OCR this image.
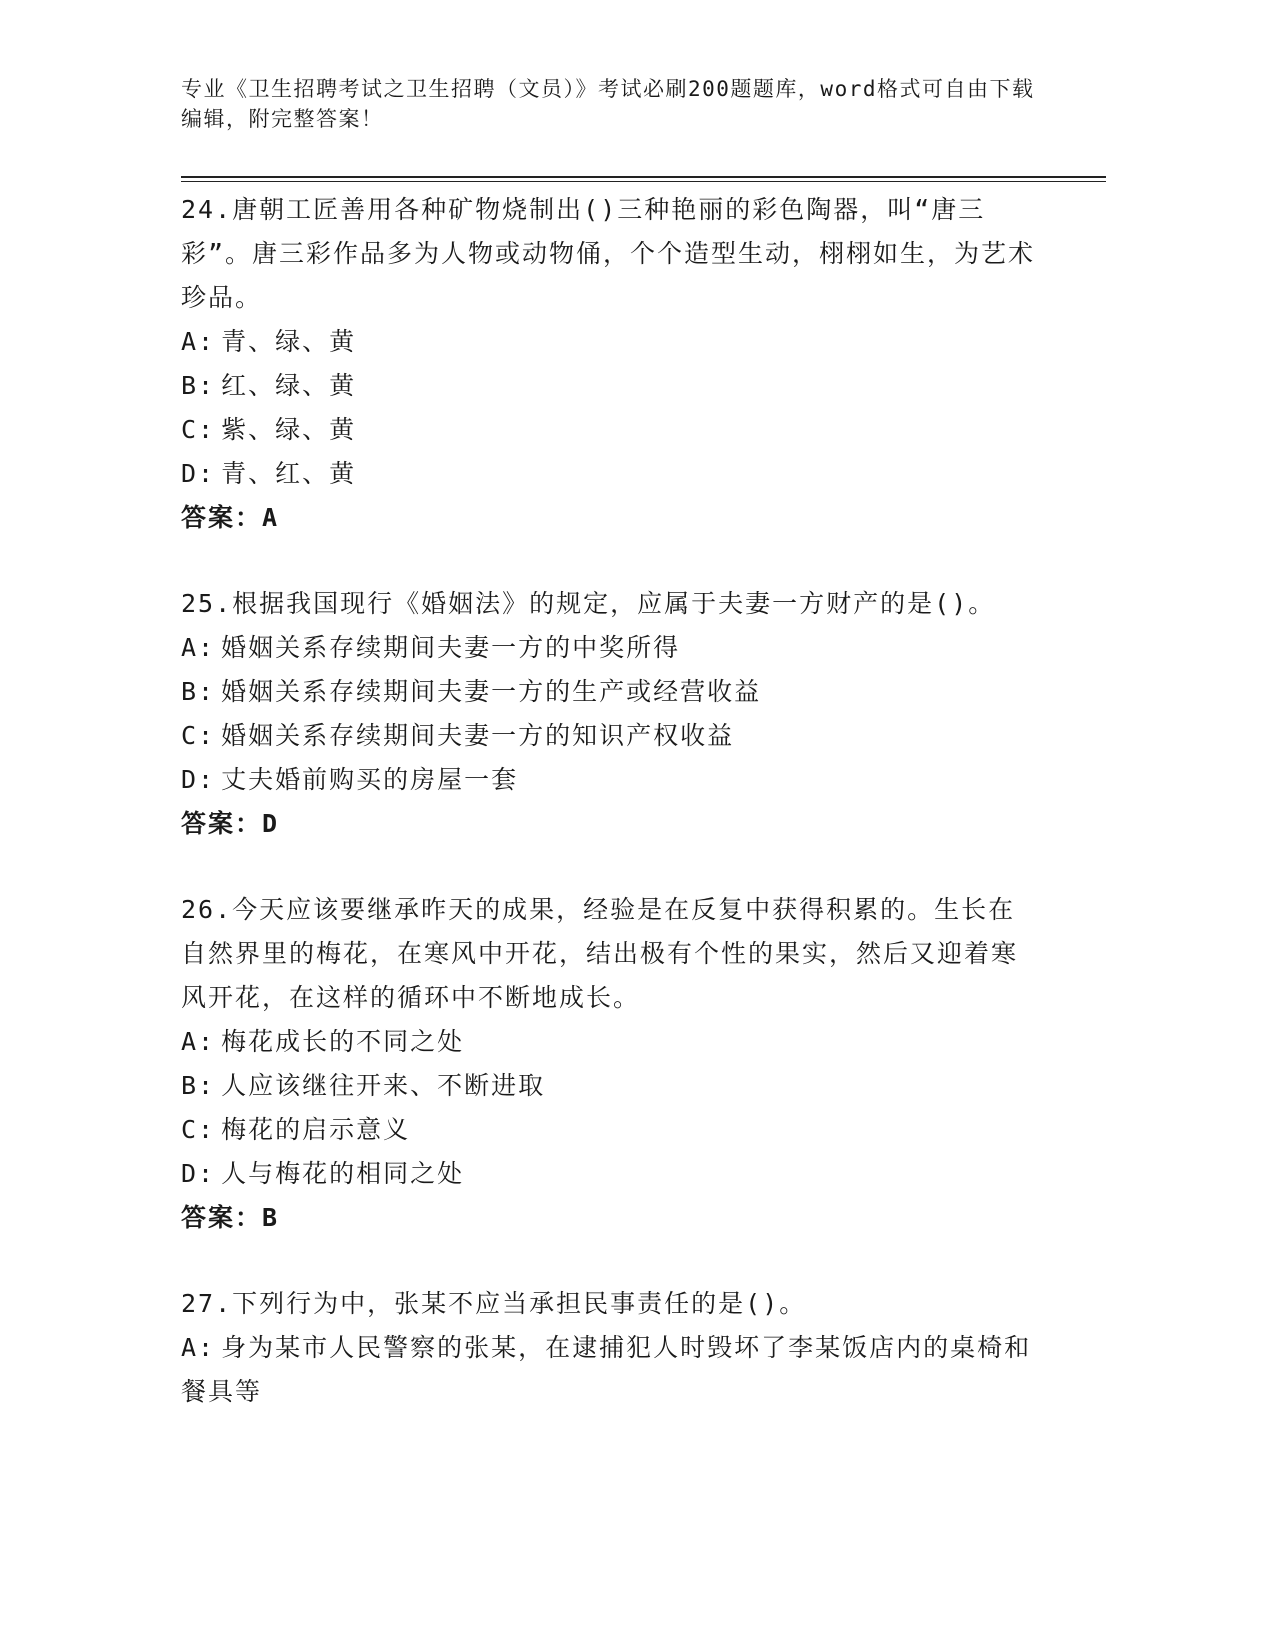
专业《卫生招聘考试之卫生招聘（文员）》考试必刷200题题库，word格式可自由下载编辑，附完整答案！
24.唐朝工匠善用各种矿物烧制出()三种艳丽的彩色陶器，叫“唐三彩”。唐三彩作品多为人物或动物俑，个个造型生动，栩栩如生，为艺术珍品。
A: 青、绿、黄
B: 红、绿、黄
C: 紫、绿、黄
D: 青、红、黄
答案：A
25.根据我国现行《婚姻法》的规定，应属于夫妻一方财产的是()。
A: 婚姻关系存续期间夫妻一方的中奖所得
B: 婚姻关系存续期间夫妻一方的生产或经营收益
C: 婚姻关系存续期间夫妻一方的知识产权收益
D: 丈夫婚前购买的房屋一套
答案：D
26.今天应该要继承昨天的成果，经验是在反复中获得积累的。生长在自然界里的梅花，在寒风中开花，结出极有个性的果实，然后又迎着寒风开花，在这样的循环中不断地成长。
A: 梅花成长的不同之处
B: 人应该继往开来、不断进取
C: 梅花的启示意义
D: 人与梅花的相同之处
答案：B
27.下列行为中，张某不应当承担民事责任的是()。
A: 身为某市人民警察的张某，在逮捕犯人时毁坏了李某饭店内的桌椅和餐具等
